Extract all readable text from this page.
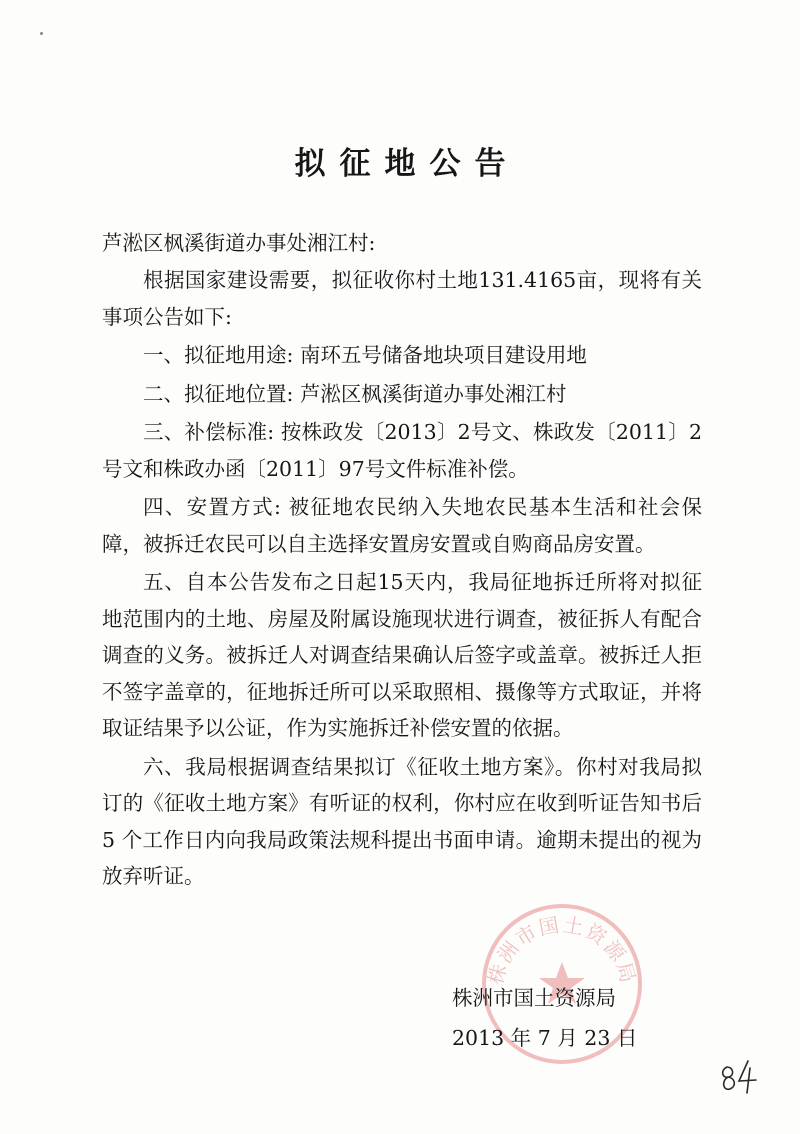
拟征地公告
芦淞区枫溪街道办事处湘江村:

根据国家建设需要，拟征收你村土地131.4165亩，现将有关事项公告如下:

一、拟征地用途: 南环五号储备地块项目建设用地

二、拟征地位置: 芦淞区枫溪街道办事处湘江村

三、补偿标准: 按株政发〔2013〕2号文、株政发〔2011〕2号文和株政办函〔2011〕97号文件标准补偿。

四、安置方式: 被征地农民纳入失地农民基本生活和社会保障，被拆迁农民可以自主选择安置房安置或自购商品房安置。

五、自本公告发布之日起15天内，我局征地拆迁所将对拟征地范围内的土地、房屋及附属设施现状进行调查，被征拆人有配合调查的义务。被拆迁人对调查结果确认后签字或盖章。被拆迁人拒不签字盖章的，征地拆迁所可以采取照相、摄像等方式取证，并将取证结果予以公证，作为实施拆迁补偿安置的依据。

六、我局根据调查结果拟订《征收土地方案》。你村对我局拟订的《征收土地方案》有听证的权利，你村应在收到听证告知书后 5 个工作日内向我局政策法规科提出书面申请。逾期未提出的视为放弃听证。

株洲市国土资源局
株洲市国土资源局
2013 年 7 月 23 日
